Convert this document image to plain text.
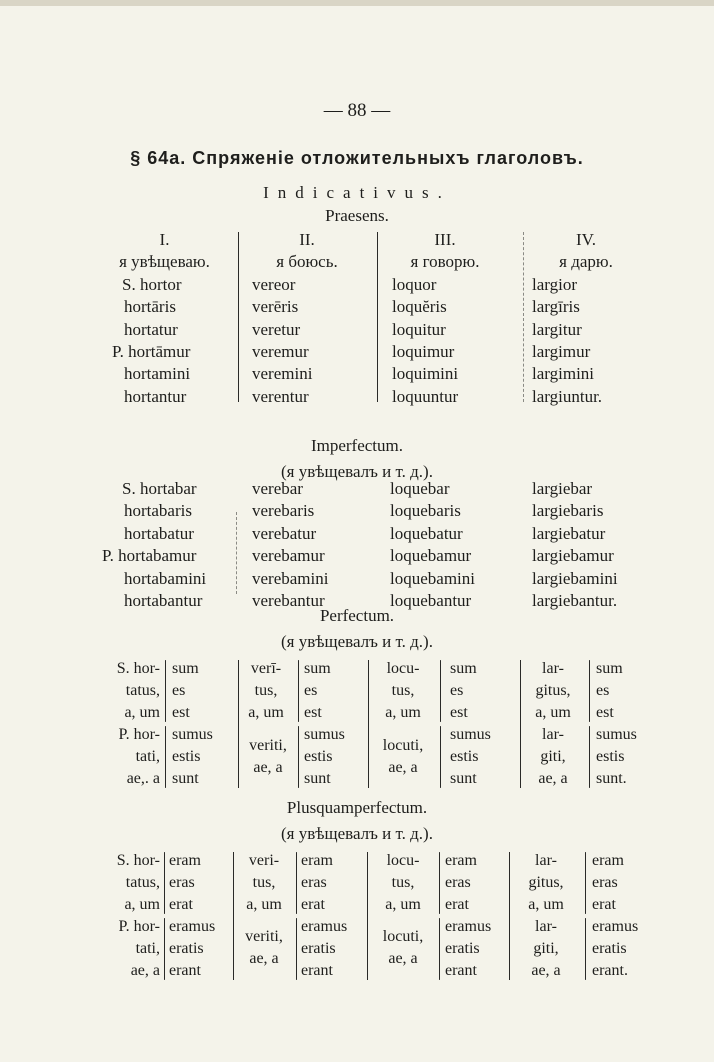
— 88 —
§ 64a. Спряженіе отложительныхъ глаголовъ.
Indicativus.
Praesens.
I.
я увѣщеваю.
S. hortor
hortāris
hortatur
P. hortāmur
hortamini
hortantur
II.
я боюсь.
vereor
verēris
veretur
veremur
veremini
verentur
III.
я говорю.
loquor
loquĕris
loquitur
loquimur
loquimini
loquuntur
IV.
я дарю.
largior
largīris
largitur
largimur
largimini
largiuntur.
Imperfectum.
(я увѣщевалъ и т. д.).
S. hortabar
hortabaris
hortabatur
P. hortabamur
hortabamini
hortabantur
verebar
verebaris
verebatur
verebamur
verebamini
verebantur
loquebar
loquebaris
loquebatur
loquebamur
loquebamini
loquebantur
largiebar
largiebaris
largiebatur
largiebamur
largiebamini
largiebantur.
Perfectum.
(я увѣщевалъ и т. д.).
S. hor-
tatus,
a, um
sum
es
est
P. hor-
tati,
ae,. a
sumus
estis
sunt
verī-
tus,
a, um
sum
es
est
veriti,
ae, a
sumus
estis
sunt
locu-
tus,
a, um
sum
es
est
locuti,
ae, a
sumus
estis
sunt
lar-
gitus,
a, um
sum
es
est
lar-
giti,
ae, a
sumus
estis
sunt.
Plusquamperfectum.
(я увѣщевалъ и т. д.).
S. hor-
tatus,
a, um
eram
eras
erat
P. hor-
tati,
ae, a
eramus
eratis
erant
veri-
tus,
a, um
eram
eras
erat
veriti,
ae, a
eramus
eratis
erant
locu-
tus,
a, um
eram
eras
erat
locuti,
ae, a
eramus
eratis
erant
lar-
gitus,
a, um
eram
eras
erat
lar-
giti,
ae, a
eramus
eratis
erant.
